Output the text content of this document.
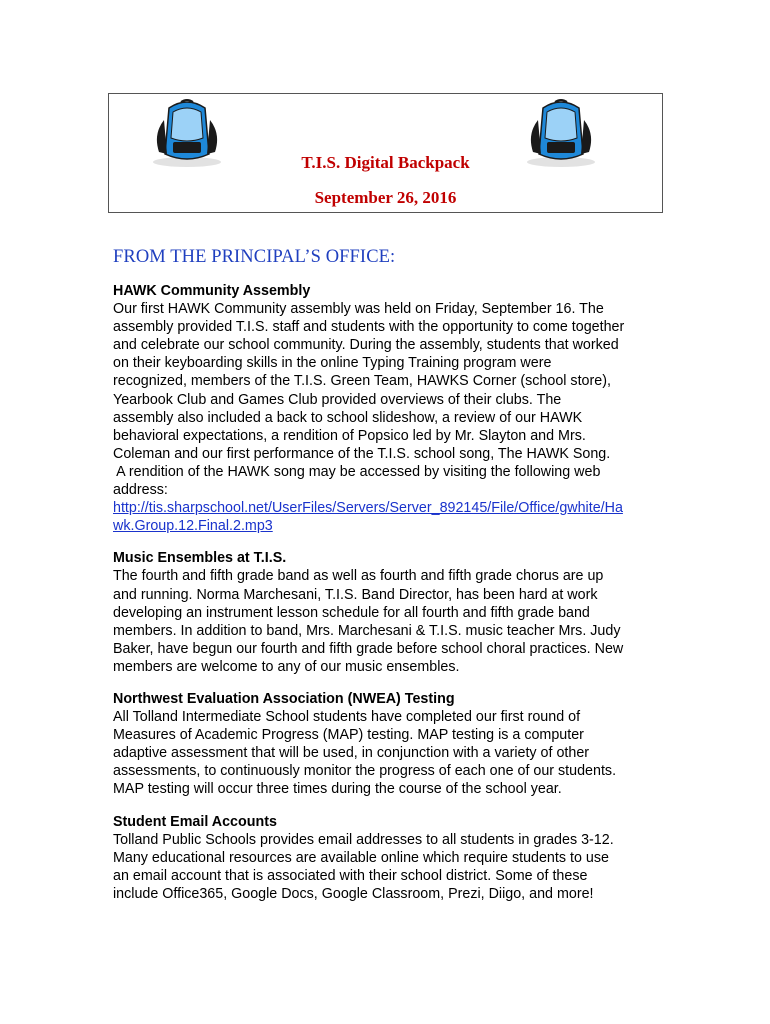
T.I.S. Digital Backpack
September 26, 2016
FROM THE PRINCIPAL’S OFFICE:
HAWK Community Assembly

Our first HAWK Community assembly was held on Friday, September 16. The
assembly provided T.I.S. staff and students with the opportunity to come together
and celebrate our school community. During the assembly, students that worked
on their keyboarding skills in the online Typing Training program were
recognized, members of the T.I.S. Green Team, HAWKS Corner (school store),
Yearbook Club and Games Club provided overviews of their clubs. The
assembly also included a back to school slideshow, a review of our HAWK
behavioral expectations, a rendition of Popsico led by Mr. Slayton and Mrs.
Coleman and our first performance of the T.I.S. school song, The HAWK Song.
A rendition of the HAWK song may be accessed by visiting the following web
address:
http://tis.sharpschool.net/UserFiles/Servers/Server_892145/File/Office/gwhite/Ha
wk.Group.12.Final.2.mp3

Music Ensembles at T.I.S.

The fourth and fifth grade band as well as fourth and fifth grade chorus are up
and running. Norma Marchesani, T.I.S. Band Director, has been hard at work
developing an instrument lesson schedule for all fourth and fifth grade band
members. In addition to band, Mrs. Marchesani & T.I.S. music teacher Mrs. Judy
Baker, have begun our fourth and fifth grade before school choral practices. New
members are welcome to any of our music ensembles.

Northwest Evaluation Association (NWEA) Testing

All Tolland Intermediate School students have completed our first round of
Measures of Academic Progress (MAP) testing. MAP testing is a computer
adaptive assessment that will be used, in conjunction with a variety of other
assessments, to continuously monitor the progress of each one of our students.
MAP testing will occur three times during the course of the school year.

Student Email Accounts

Tolland Public Schools provides email addresses to all students in grades 3-12.
Many educational resources are available online which require students to use
an email account that is associated with their school district. Some of these
include Office365, Google Docs, Google Classroom, Prezi, Diigo, and more!
